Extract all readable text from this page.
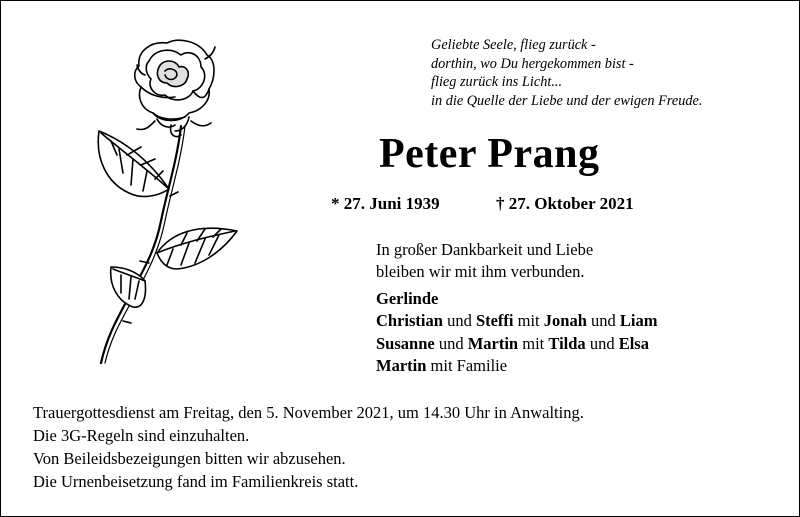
Geliebte Seele, flieg zurück -
dorthin, wo Du hergekommen bist -
flieg zurück ins Licht...
in die Quelle der Liebe und der ewigen Freude.
Peter Prang
* 27. Juni 1939	† 27. Oktober 2021
In großer Dankbarkeit und Liebe
bleiben wir mit ihm verbunden.
Gerlinde
Christian und Steffi mit Jonah und Liam
Susanne und Martin mit Tilda und Elsa
Martin mit Familie
Trauergottesdienst am Freitag, den 5. November 2021, um 14.30 Uhr in Anwalting.
Die 3G-Regeln sind einzuhalten.
Von Beileidsbezeigungen bitten wir abzusehen.
Die Urnenbeisetzung fand im Familienkreis statt.
